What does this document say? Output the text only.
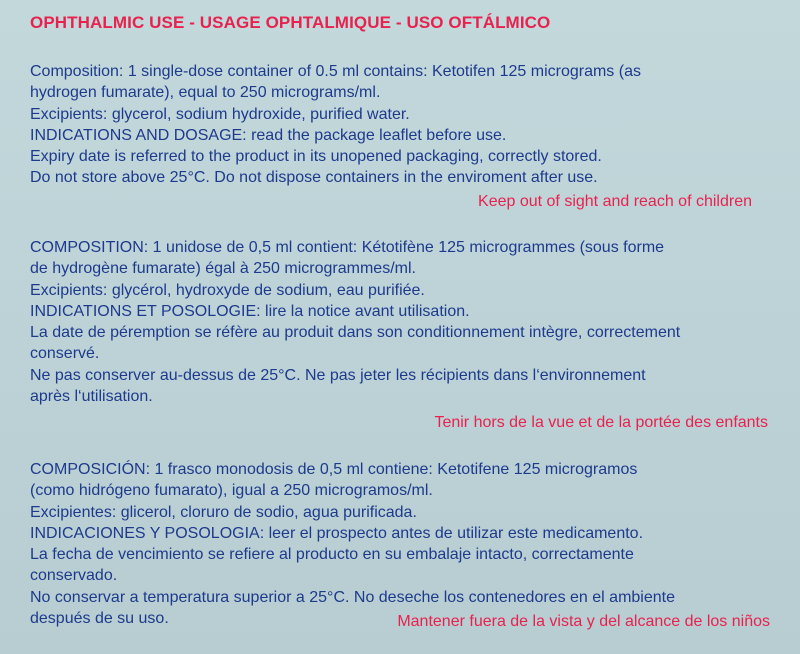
OPHTHALMIC USE - USAGE OPHTALMIQUE - USO OFTÁLMICO
Composition: 1 single-dose container of 0.5 ml contains: Ketotifen 125 micrograms (as
hydrogen fumarate), equal to 250 micrograms/ml.
Excipients: glycerol, sodium hydroxide, purified water.
INDICATIONS AND DOSAGE: read the package leaflet before use.
Expiry date is referred to the product in its unopened packaging, correctly stored.
Do not store above 25°C. Do not dispose containers in the enviroment after use.
Keep out of sight and reach of children
COMPOSITION: 1 unidose de 0,5 ml contient: Kétotifène 125 microgrammes (sous forme
de hydrogène fumarate) égal à 250 microgrammes/ml.
Excipients: glycérol, hydroxyde de sodium, eau purifiée.
INDICATIONS ET POSOLOGIE: lire la notice avant utilisation.
La date de péremption se réfère au produit dans son conditionnement intègre, correctement
conservé.
Ne pas conserver au-dessus de 25°C. Ne pas jeter les récipients dans l‘environnement
après l‘utilisation.
Tenir hors de la vue et de la portée des enfants
COMPOSICIÓN: 1 frasco monodosis de 0,5 ml contiene: Ketotifene 125 microgramos
(como hidrógeno fumarato), igual a 250 microgramos/ml.
Excipientes: glicerol, cloruro de sodio, agua purificada.
INDICACIONES Y POSOLOGIA: leer el prospecto antes de utilizar este medicamento.
La fecha de vencimiento se refiere al producto en su embalaje intacto, correctamente
conservado.
No conservar a temperatura superior a 25°C. No deseche los contenedores en el ambiente
después de su uso.	Mantener fuera de la vista y del alcance de los niños
